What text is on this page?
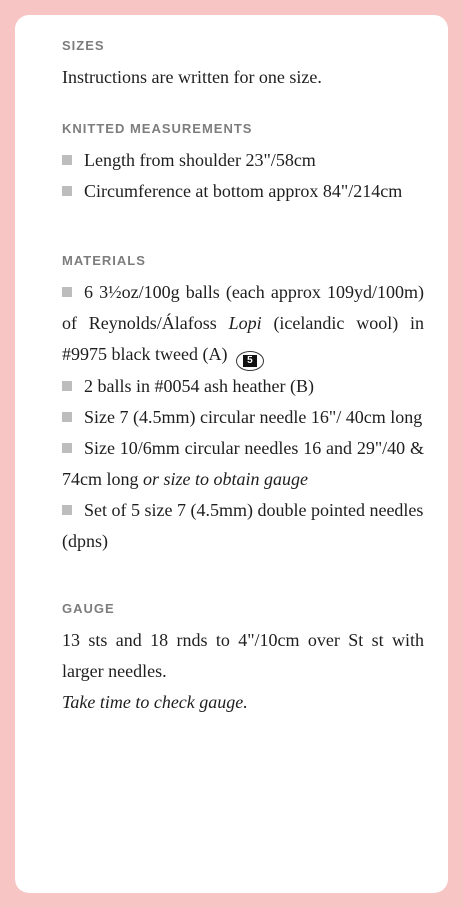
SIZES

Instructions are written for one size.

KNITTED MEASUREMENTS

Length from shoulder 23"/58cm

Circumference at bottom approx 84"/214cm

MATERIALS

6 3½oz/100g balls (each approx 109yd/100m) of Reynolds/Álafoss Lopi (icelandic wool) in #9975 black tweed (A)	5

2 balls in #0054 ash heather (B)

Size 7 (4.5mm) circular needle 16"/ 40cm long

Size 10/6mm circular needles 16 and 29"/40 & 74cm long or size to obtain gauge

Set of 5 size 7 (4.5mm) double pointed needles (dpns)

GAUGE

13 sts and 18 rnds to 4"/10cm over St st with larger needles.

Take time to check gauge.
